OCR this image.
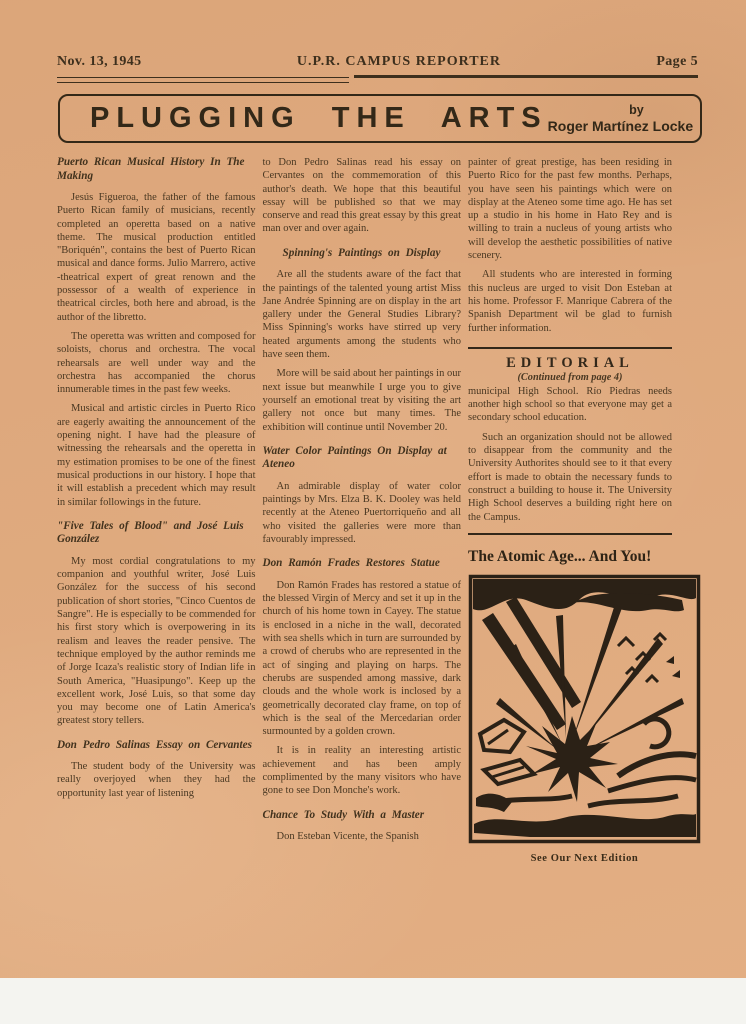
Nov. 13, 1945	U.P.R. CAMPUS REPORTER	Page 5
PLUGGING THE ARTS	by
Roger Martínez Locke
Puerto Rican Musical History In The Making

Jesús Figueroa, the father of the famous Puerto Rican family of musicians, recently completed an operetta based on a native theme. The musical production entitled "Boriquén", contains the best of Puerto Rican musical and dance forms. Julio Marrero, active -theatrical expert of great renown and the possessor of a wealth of experience in theatrical circles, both here and abroad, is the author of the libretto.

The operetta was written and composed for soloists, chorus and orchestra. The vocal rehearsals are well under way and the orchestra has accompanied the chorus innumerable times in the past few weeks.

Musical and artistic circles in Puerto Rico are eagerly awaiting the announcement of the opening night. I have had the pleasure of witnessing the rehearsals and the operetta in my estimation promises to be one of the finest musical productions in our history. I hope that it will establish a precedent which may result in similar followings in the future.

"Five Tales of Blood" and José Luis González

My most cordial congratulations to my companion and youthful writer, José Luis González for the success of his second publication of short stories, "Cinco Cuentos de Sangre". He is especially to be commended for his first story which is overpowering in its realism and leaves the reader pensive. The technique employed by the author reminds me of Jorge Icaza's realistic story of Indian life in South America, "Huasipungo". Keep up the excellent work, José Luis, so that some day you may become one of Latin America's greatest story tellers.

Don Pedro Salinas Essay on Cervantes

The student body of the University was really overjoyed when they had the opportunity last year of listening

to Don Pedro Salinas read his essay on Cervantes on the commemoration of this author's death. We hope that this beautiful essay will be published so that we may conserve and read this great essay by this great man over and over again.

Spinning's Paintings on Display

Are all the students aware of the fact that the paintings of the talented young artist Miss Jane Andrée Spinning are on display in the art gallery under the General Studies Library? Miss Spinning's works have stirred up very heated arguments among the students who have seen them.

More will be said about her paintings in our next issue but meanwhile I urge you to give yourself an emotional treat by visiting the art gallery not once but many times. The exhibition will continue until November 20.

Water Color Paintings On Display at Ateneo

An admirable display of water color paintings by Mrs. Elza B. K. Dooley was held recently at the Ateneo Puertorriqueño and all who visited the galleries were more than favourably impressed.

Don Ramón Frades Restores Statue

Don Ramón Frades has restored a statue of the blessed Virgin of Mercy and set it up in the church of his home town in Cayey. The statue is enclosed in a niche in the wall, decorated with sea shells which in turn are surrounded by a crowd of cherubs who are represented in the act of singing and playing on harps. The cherubs are suspended among massive, dark clouds and the whole work is inclosed by a geometrically decorated clay frame, on top of which is the seal of the Mercedarian order surmounted by a golden crown.

It is in reality an interesting artistic achievement and has been amply complimented by the many visitors who have gone to see Don Monche's work.

Chance To Study With a Master

Don Esteban Vicente, the Spanish

painter of great prestige, has been residing in Puerto Rico for the past few months. Perhaps, you have seen his paintings which were on display at the Ateneo some time ago. He has set up a studio in his home in Hato Rey and is willing to train a nucleus of young artists who will develop the aesthetic possibilities of native scenery.

All students who are interested in forming this nucleus are urged to visit Don Esteban at his home. Professor F. Manrique Cabrera of the Spanish Department wil be glad to furnish further information.

EDITORIAL
(Continued from page 4)

municipal High School. Río Piedras needs another high school so that everyone may get a secondary school education.

Such an organization should not be allowed to disappear from the community and the University Authorites should see to it that every effort is made to obtain the necessary funds to construct a building to house it. The University High School deserves a building right here on the Campus.

The Atomic Age... And You!
See Our Next Edition
